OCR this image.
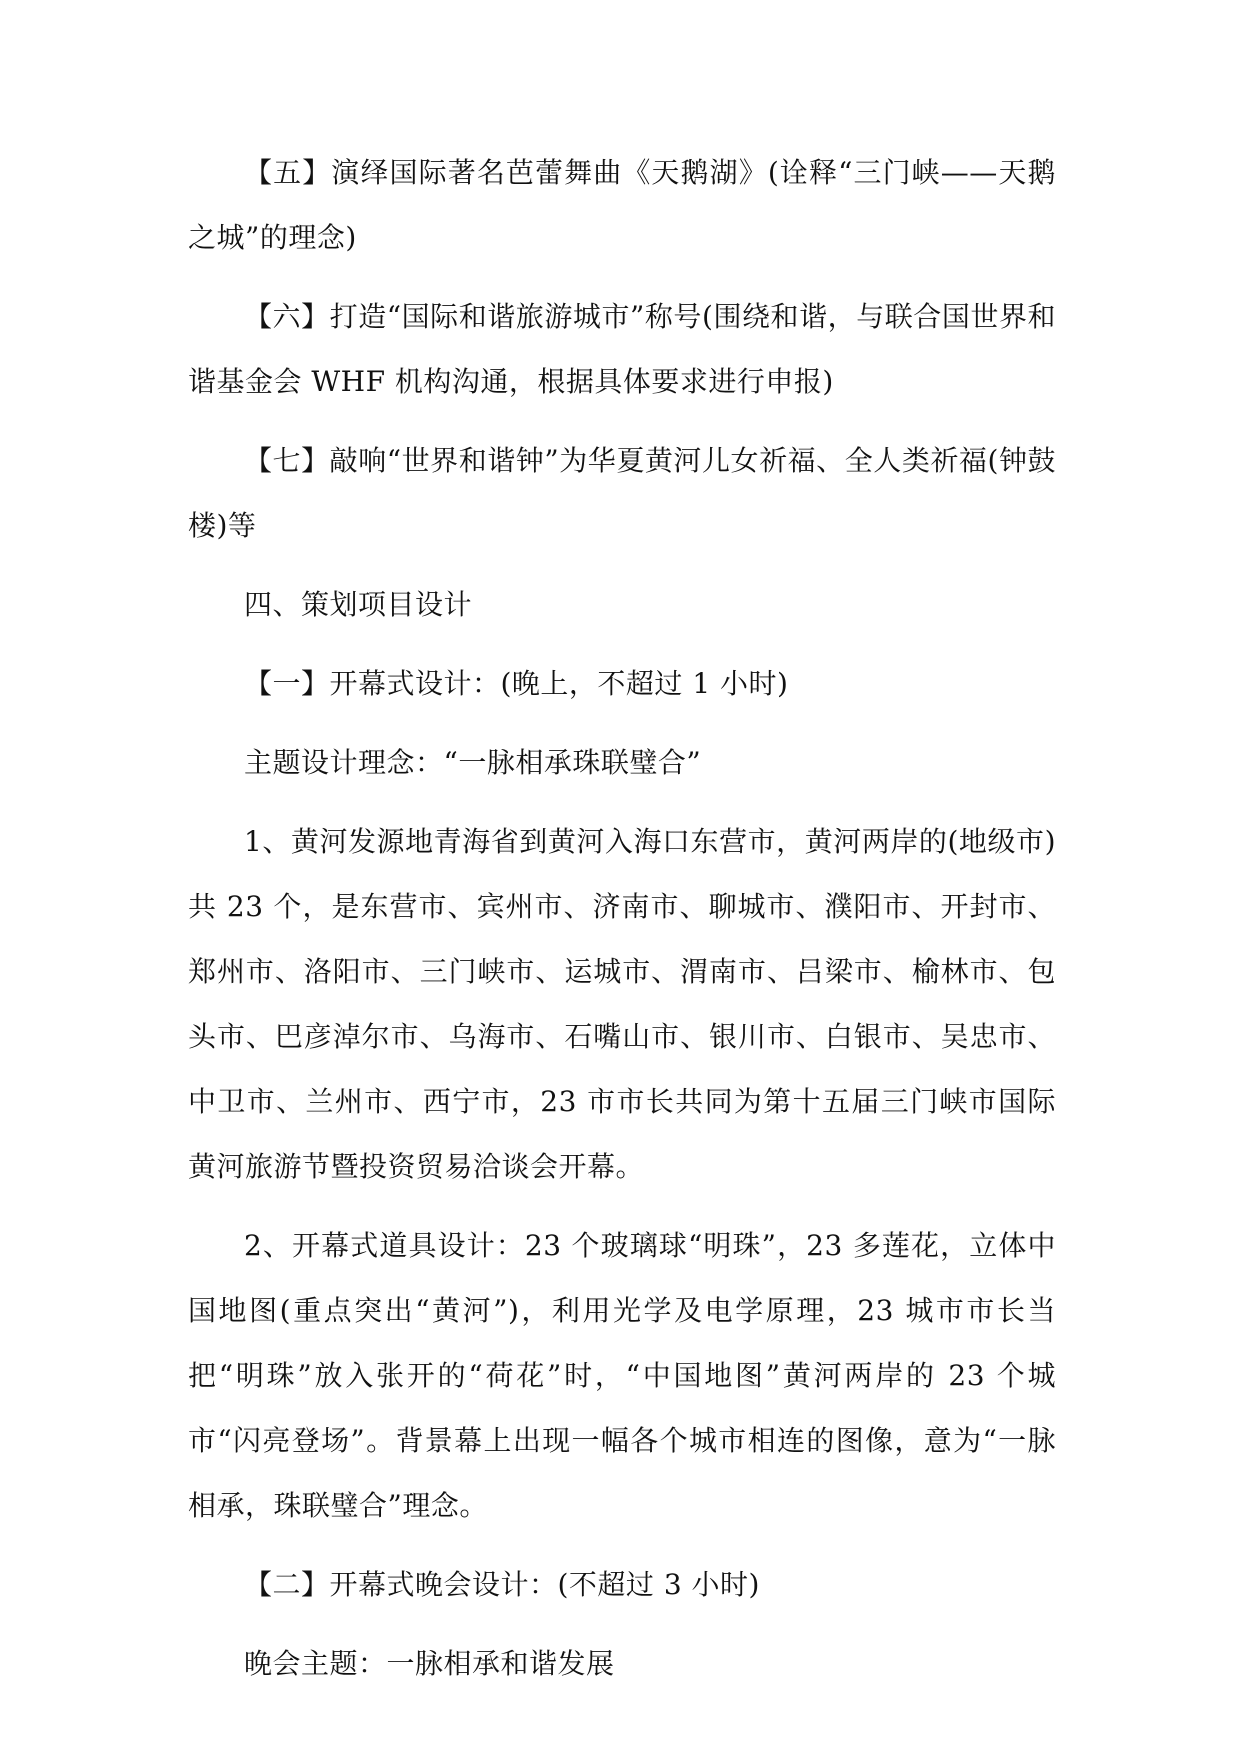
【五】演绎国际著名芭蕾舞曲《天鹅湖》(诠释“三门峡——天鹅之城”的理念)

【六】打造“国际和谐旅游城市”称号(围绕和谐，与联合国世界和谐基金会 WHF 机构沟通，根据具体要求进行申报)

【七】敲响“世界和谐钟”为华夏黄河儿女祈福、全人类祈福(钟鼓楼)等

四、策划项目设计

【一】开幕式设计：(晚上，不超过 1 小时)

主题设计理念：“一脉相承珠联璧合”

1、黄河发源地青海省到黄河入海口东营市，黄河两岸的(地级市)共 23 个，是东营市、宾州市、济南市、聊城市、濮阳市、开封市、郑州市、洛阳市、三门峡市、运城市、渭南市、吕梁市、榆林市、包头市、巴彦淖尔市、乌海市、石嘴山市、银川市、白银市、吴忠市、中卫市、兰州市、西宁市，23 市市长共同为第十五届三门峡市国际黄河旅游节暨投资贸易洽谈会开幕。

2、开幕式道具设计：23 个玻璃球“明珠”，23 多莲花，立体中国地图(重点突出“黄河”)，利用光学及电学原理，23 城市市长当把“明珠”放入张开的“荷花”时，“中国地图”黄河两岸的 23 个城市“闪亮登场”。背景幕上出现一幅各个城市相连的图像，意为“一脉相承，珠联璧合”理念。

【二】开幕式晚会设计：(不超过 3 小时)

晚会主题：一脉相承和谐发展
